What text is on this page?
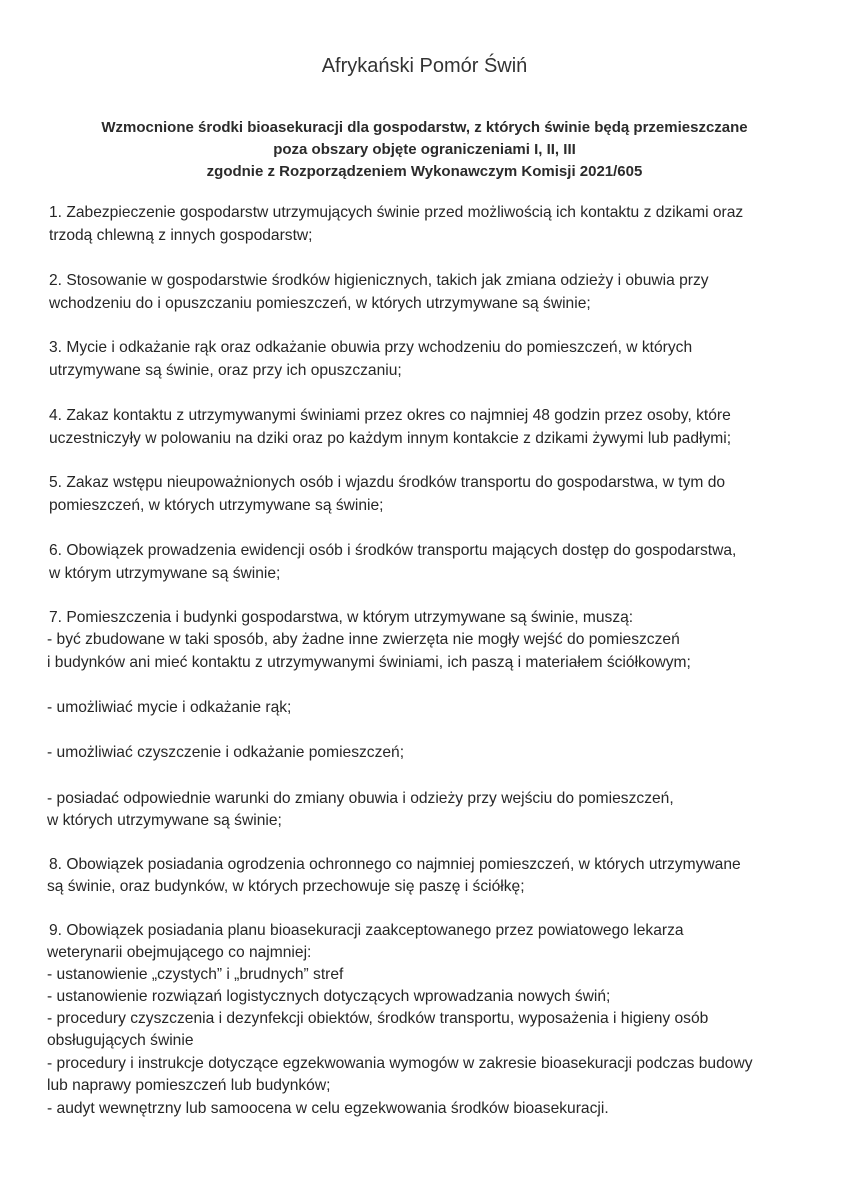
Afrykański Pomór Świń
Wzmocnione środki bioasekuracji dla gospodarstw, z których świnie będą przemieszczane
poza obszary objęte ograniczeniami I, II, III
zgodnie z Rozporządzeniem Wykonawczym Komisji 2021/605
1. Zabezpieczenie gospodarstw utrzymujących świnie przed możliwością ich kontaktu z dzikami oraz
trzodą chlewną z innych gospodarstw;
2. Stosowanie w gospodarstwie środków higienicznych, takich jak zmiana odzieży i obuwia przy
wchodzeniu do i opuszczaniu pomieszczeń, w których utrzymywane są świnie;
3. Mycie i odkażanie rąk oraz odkażanie obuwia przy wchodzeniu do pomieszczeń, w których
utrzymywane są świnie, oraz przy ich opuszczaniu;
4. Zakaz kontaktu z utrzymywanymi świniami przez okres co najmniej 48 godzin przez osoby, które
uczestniczyły w polowaniu na dziki oraz po każdym innym kontakcie z dzikami żywymi lub padłymi;
5. Zakaz wstępu nieupoważnionych osób i wjazdu środków transportu do gospodarstwa, w tym do
pomieszczeń, w których utrzymywane są świnie;
6. Obowiązek prowadzenia ewidencji osób i środków transportu mających dostęp do gospodarstwa,
w którym utrzymywane są świnie;
7. Pomieszczenia i budynki gospodarstwa, w którym utrzymywane są świnie, muszą:
- być zbudowane w taki sposób, aby żadne inne zwierzęta nie mogły wejść do pomieszczeń
i budynków ani mieć kontaktu z utrzymywanymi świniami, ich paszą i materiałem ściółkowym;
- umożliwiać mycie i odkażanie rąk;
- umożliwiać czyszczenie i odkażanie pomieszczeń;
- posiadać odpowiednie warunki do zmiany obuwia i odzieży przy wejściu do pomieszczeń,
w których utrzymywane są świnie;
8. Obowiązek posiadania ogrodzenia ochronnego co najmniej pomieszczeń, w których utrzymywane
są świnie, oraz budynków, w których przechowuje się paszę i ściółkę;
9. Obowiązek posiadania planu bioasekuracji zaakceptowanego przez powiatowego lekarza
weterynarii obejmującego co najmniej:
- ustanowienie „czystych” i „brudnych” stref
- ustanowienie rozwiązań logistycznych dotyczących wprowadzania nowych świń;
- procedury czyszczenia i dezynfekcji obiektów, środków transportu, wyposażenia i higieny osób
obsługujących świnie
- procedury i instrukcje dotyczące egzekwowania wymogów w zakresie bioasekuracji podczas budowy
lub naprawy pomieszczeń lub budynków;
- audyt wewnętrzny lub samoocena w celu egzekwowania środków bioasekuracji.
